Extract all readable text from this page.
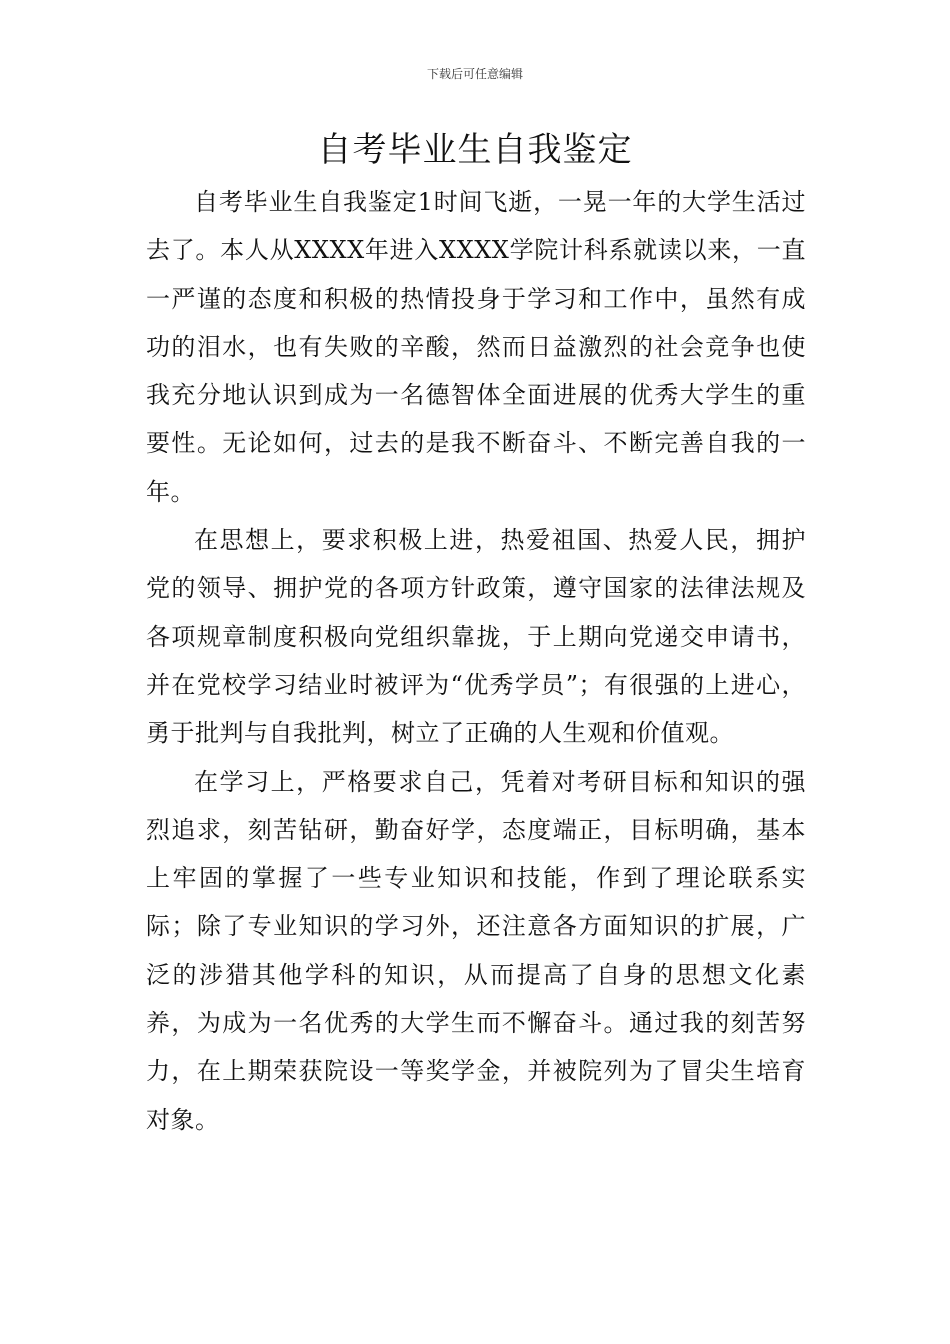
下载后可任意编辑
自考毕业生自我鉴定

自考毕业生自我鉴定1时间飞逝，一晃一年的大学生活过去了。本人从XXXX年进入XXXX学院计科系就读以来，一直一严谨的态度和积极的热情投身于学习和工作中，虽然有成功的泪水，也有失败的辛酸，然而日益激烈的社会竞争也使我充分地认识到成为一名德智体全面进展的优秀大学生的重要性。无论如何，过去的是我不断奋斗、不断完善自我的一年。

在思想上，要求积极上进，热爱祖国、热爱人民，拥护党的领导、拥护党的各项方针政策，遵守国家的法律法规及各项规章制度积极向党组织靠拢，于上期向党递交申请书，并在党校学习结业时被评为“优秀学员”；有很强的上进心，勇于批判与自我批判，树立了正确的人生观和价值观。

在学习上，严格要求自己，凭着对考研目标和知识的强烈追求，刻苦钻研，勤奋好学，态度端正，目标明确，基本上牢固的掌握了一些专业知识和技能，作到了理论联系实际；除了专业知识的学习外，还注意各方面知识的扩展，广泛的涉猎其他学科的知识，从而提高了自身的思想文化素养，为成为一名优秀的大学生而不懈奋斗。通过我的刻苦努力，在上期荣获院设一等奖学金，并被院列为了冒尖生培育对象。
